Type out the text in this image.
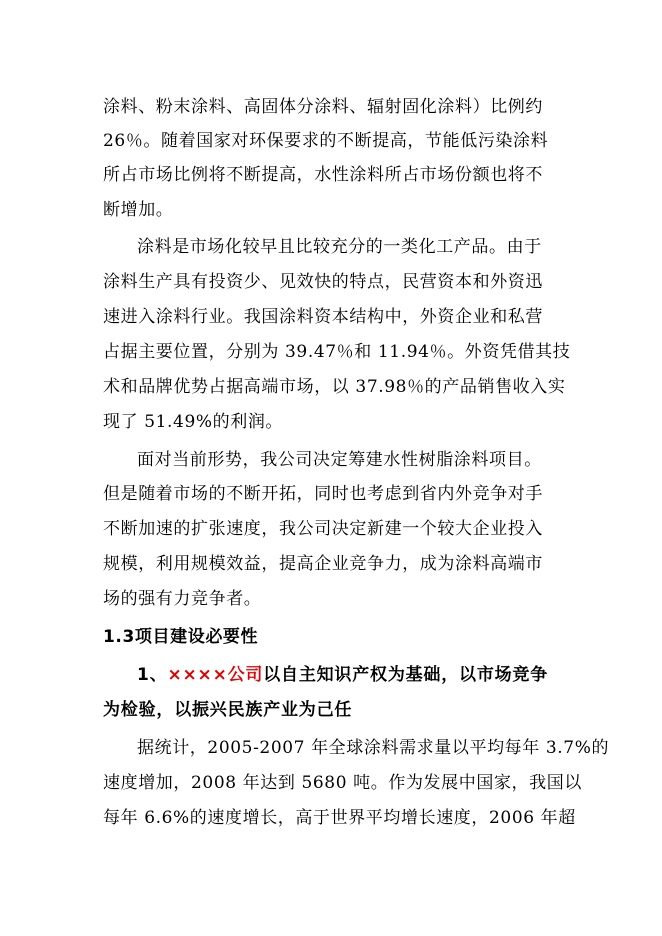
涂料、粉末涂料、高固体分涂料、辐射固化涂料）比例约
26％。随着国家对环保要求的不断提高，节能低污染涂料
所占市场比例将不断提高，水性涂料所占市场份额也将不
断增加。
涂料是市场化较早且比较充分的一类化工产品。由于
涂料生产具有投资少、见效快的特点，民营资本和外资迅
速进入涂料行业。我国涂料资本结构中，外资企业和私营
占据主要位置，分别为 39.47％和 11.94％。外资凭借其技
术和品牌优势占据高端市场，以 37.98％的产品销售收入实
现了 51.49%的利润。
面对当前形势，我公司决定筹建水性树脂涂料项目。
但是随着市场的不断开拓，同时也考虑到省内外竞争对手
不断加速的扩张速度，我公司决定新建一个较大企业投入
规模，利用规模效益，提高企业竞争力，成为涂料高端市
场的强有力竞争者。
1.3项目建设必要性
1、××××公司以自主知识产权为基础，以市场竞争
为检验，以振兴民族产业为己任
据统计，2005-2007 年全球涂料需求量以平均每年 3.7%的
速度增加，2008 年达到 5680 吨。作为发展中国家，我国以
每年 6.6%的速度增长，高于世界平均增长速度，2006 年超
